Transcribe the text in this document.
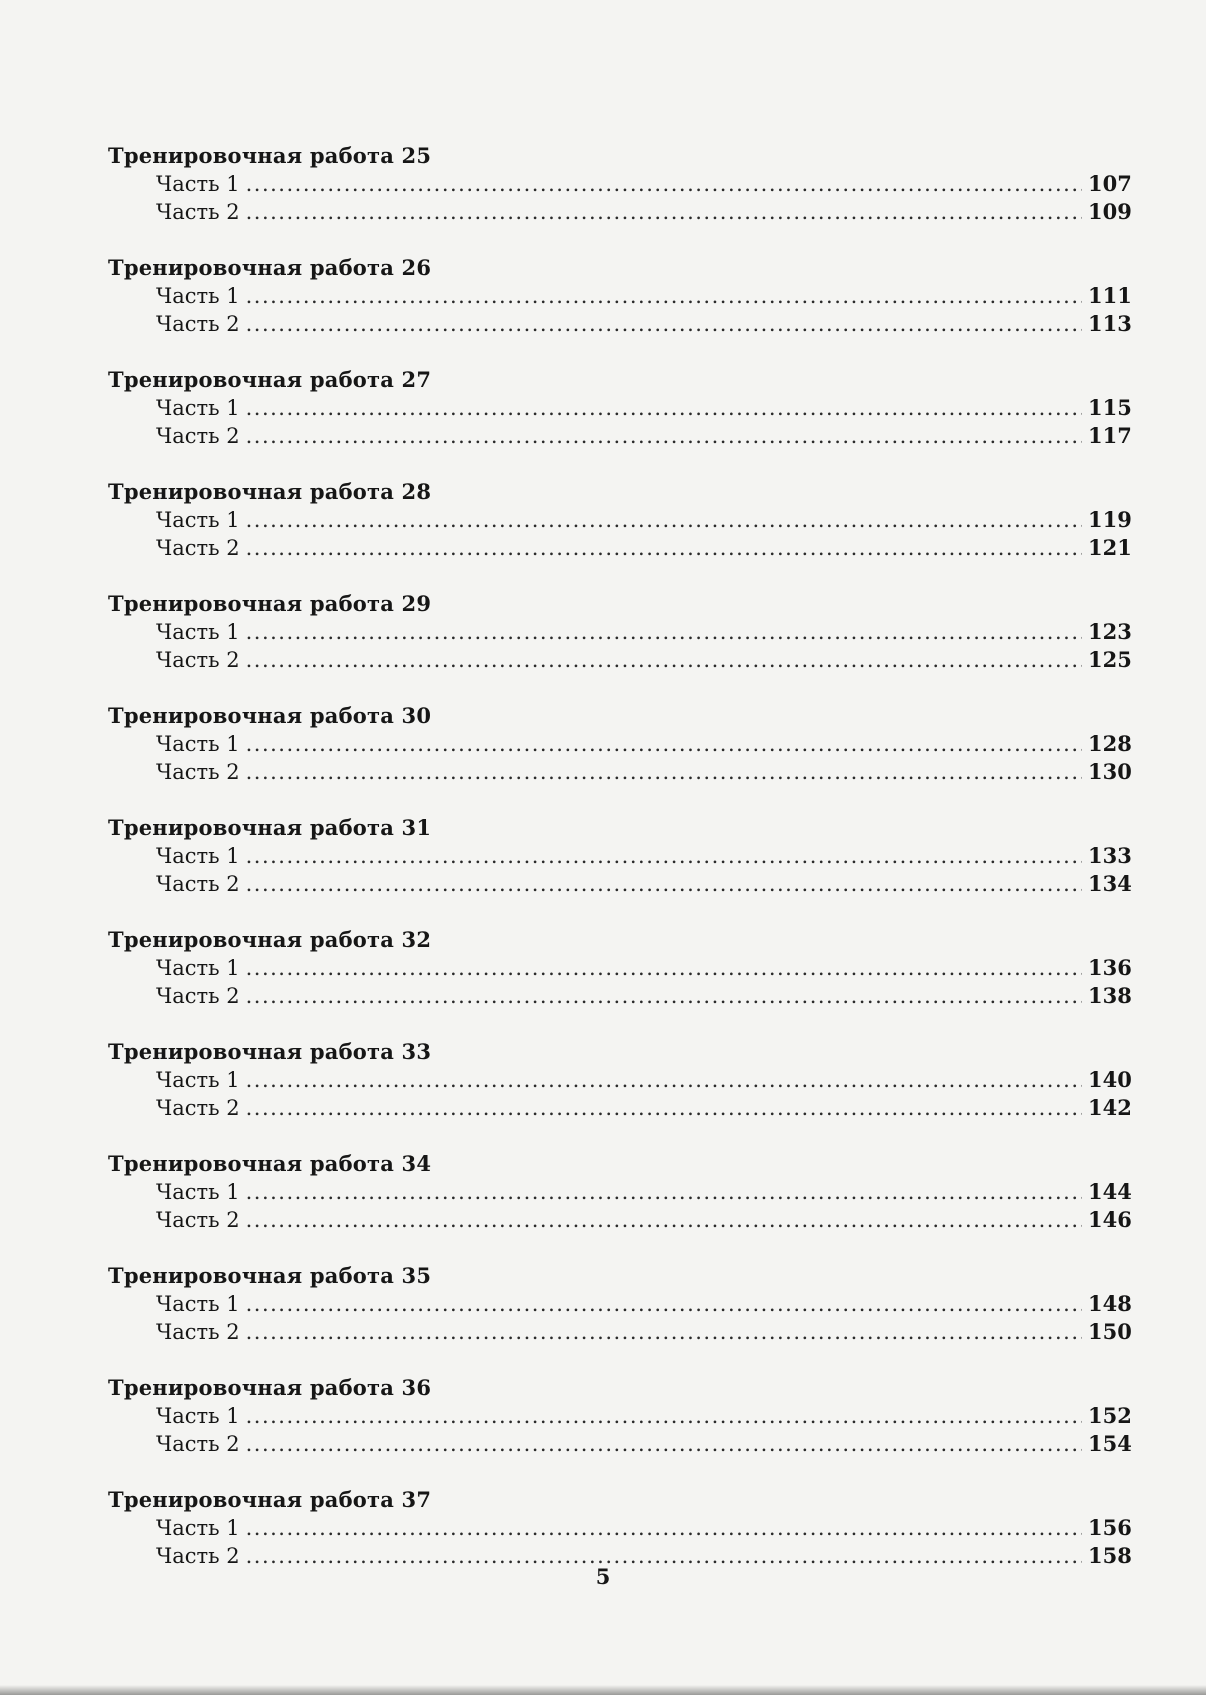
Тренировочная работа 25
Часть 1 .....	107
Часть 2 .....	109
Тренировочная работа 26
Часть 1 .....	111
Часть 2 .....	113
Тренировочная работа 27
Часть 1 .....	115
Часть 2 .....	117
Тренировочная работа 28
Часть 1 .....	119
Часть 2 .....	121
Тренировочная работа 29
Часть 1 .....	123
Часть 2 .....	125
Тренировочная работа 30
Часть 1 .....	128
Часть 2 .....	130
Тренировочная работа 31
Часть 1 .....	133
Часть 2 .....	134
Тренировочная работа 32
Часть 1 .....	136
Часть 2 .....	138
Тренировочная работа 33
Часть 1 .....	140
Часть 2 .....	142
Тренировочная работа 34
Часть 1 .....	144
Часть 2 .....	146
Тренировочная работа 35
Часть 1 .....	148
Часть 2 .....	150
Тренировочная работа 36
Часть 1 .....	152
Часть 2 .....	154
Тренировочная работа 37
Часть 1 .....	156
Часть 2 .....	158
5
